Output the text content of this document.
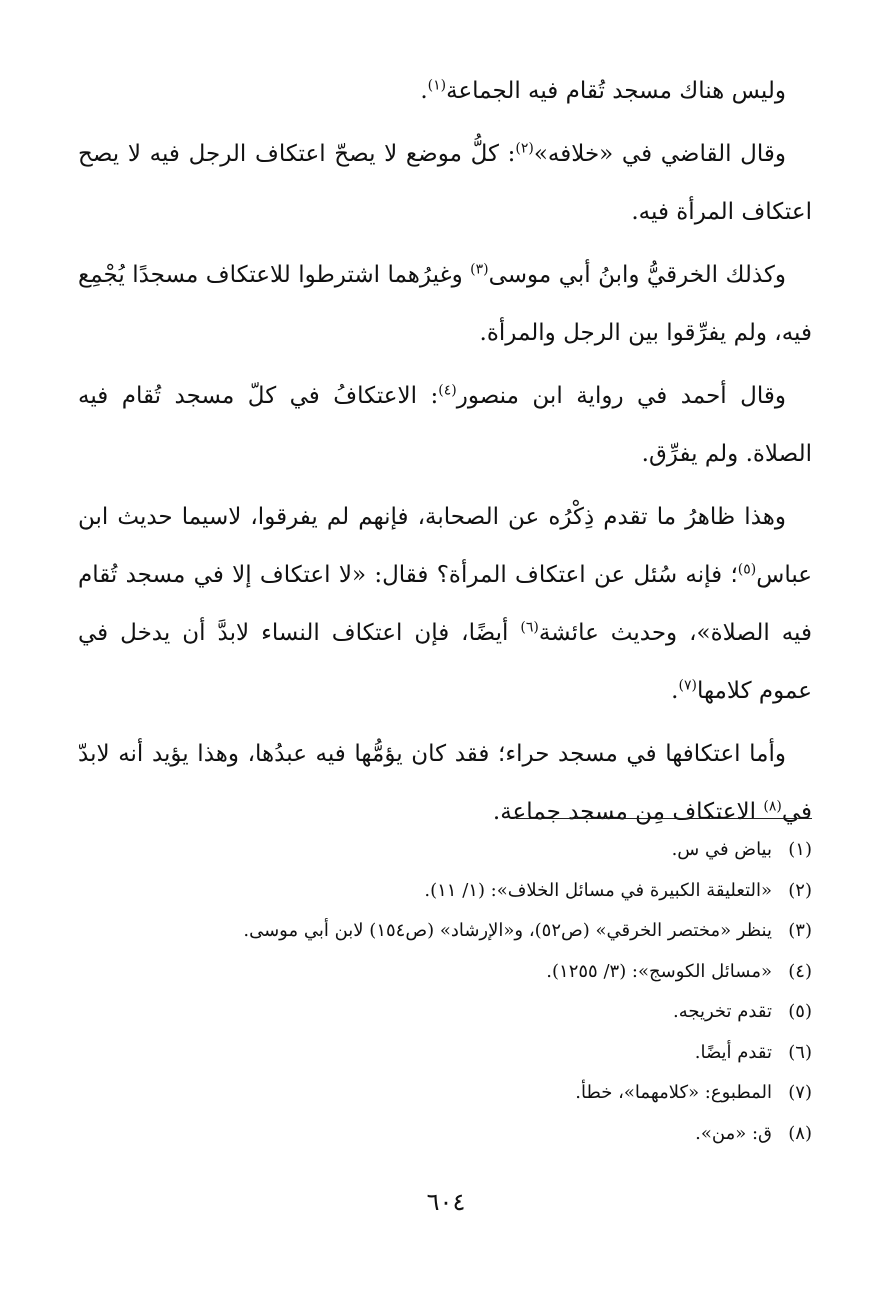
وليس هناك مسجد تُقام فيه الجماعة$^{(١)}$.

وقال القاضي في «خلافه»$^{(٢)}$: كلُّ موضع لا يصحّ اعتكاف الرجل فيه لا يصح اعتكاف المرأة فيه.

وكذلك الخرقيُّ وابنُ أبي موسى$^{(٣)}$ وغيرُهما اشترطوا للاعتكاف مسجدًا يُجْمِع فيه، ولم يفرِّقوا بين الرجل والمرأة.

وقال أحمد في رواية ابن منصور$^{(٤)}$: الاعتكافُ في كلّ مسجد تُقام فيه الصلاة. ولم يفرِّق.

وهذا ظاهرُ ما تقدم ذِكْرُه عن الصحابة، فإنهم لم يفرقوا، لاسيما حديث ابن عباس$^{(٥)}$؛ فإنه سُئل عن اعتكاف المرأة؟ فقال: «لا اعتكاف إلا في مسجد تُقام فيه الصلاة»، وحديث عائشة$^{(٦)}$ أيضًا، فإن اعتكاف النساء لابدَّ أن يدخل في عموم كلامها$^{(٧)}$.

وأما اعتكافها في مسجد حراء؛ فقد كان يؤمُّها فيه عبدُها، وهذا يؤيد أنه لابدّ في$^{(٨)}$ الاعتكاف مِن مسجد جماعة.

(١)
بياض في س.
(٢)
«التعليقة الكبيرة في مسائل الخلاف»: (١/ ١١).
(٣)
ينظر «مختصر الخرقي» (ص٥٢)، و«الإرشاد» (ص١٥٤) لابن أبي موسى.
(٤)
«مسائل الكوسج»: (٣/ ١٢٥٥).
(٥)
تقدم تخريجه.
(٦)
تقدم أيضًا.
(٧)
المطبوع: «كلامهما»، خطأ.
(٨)
ق: «من».
٦٠٤
